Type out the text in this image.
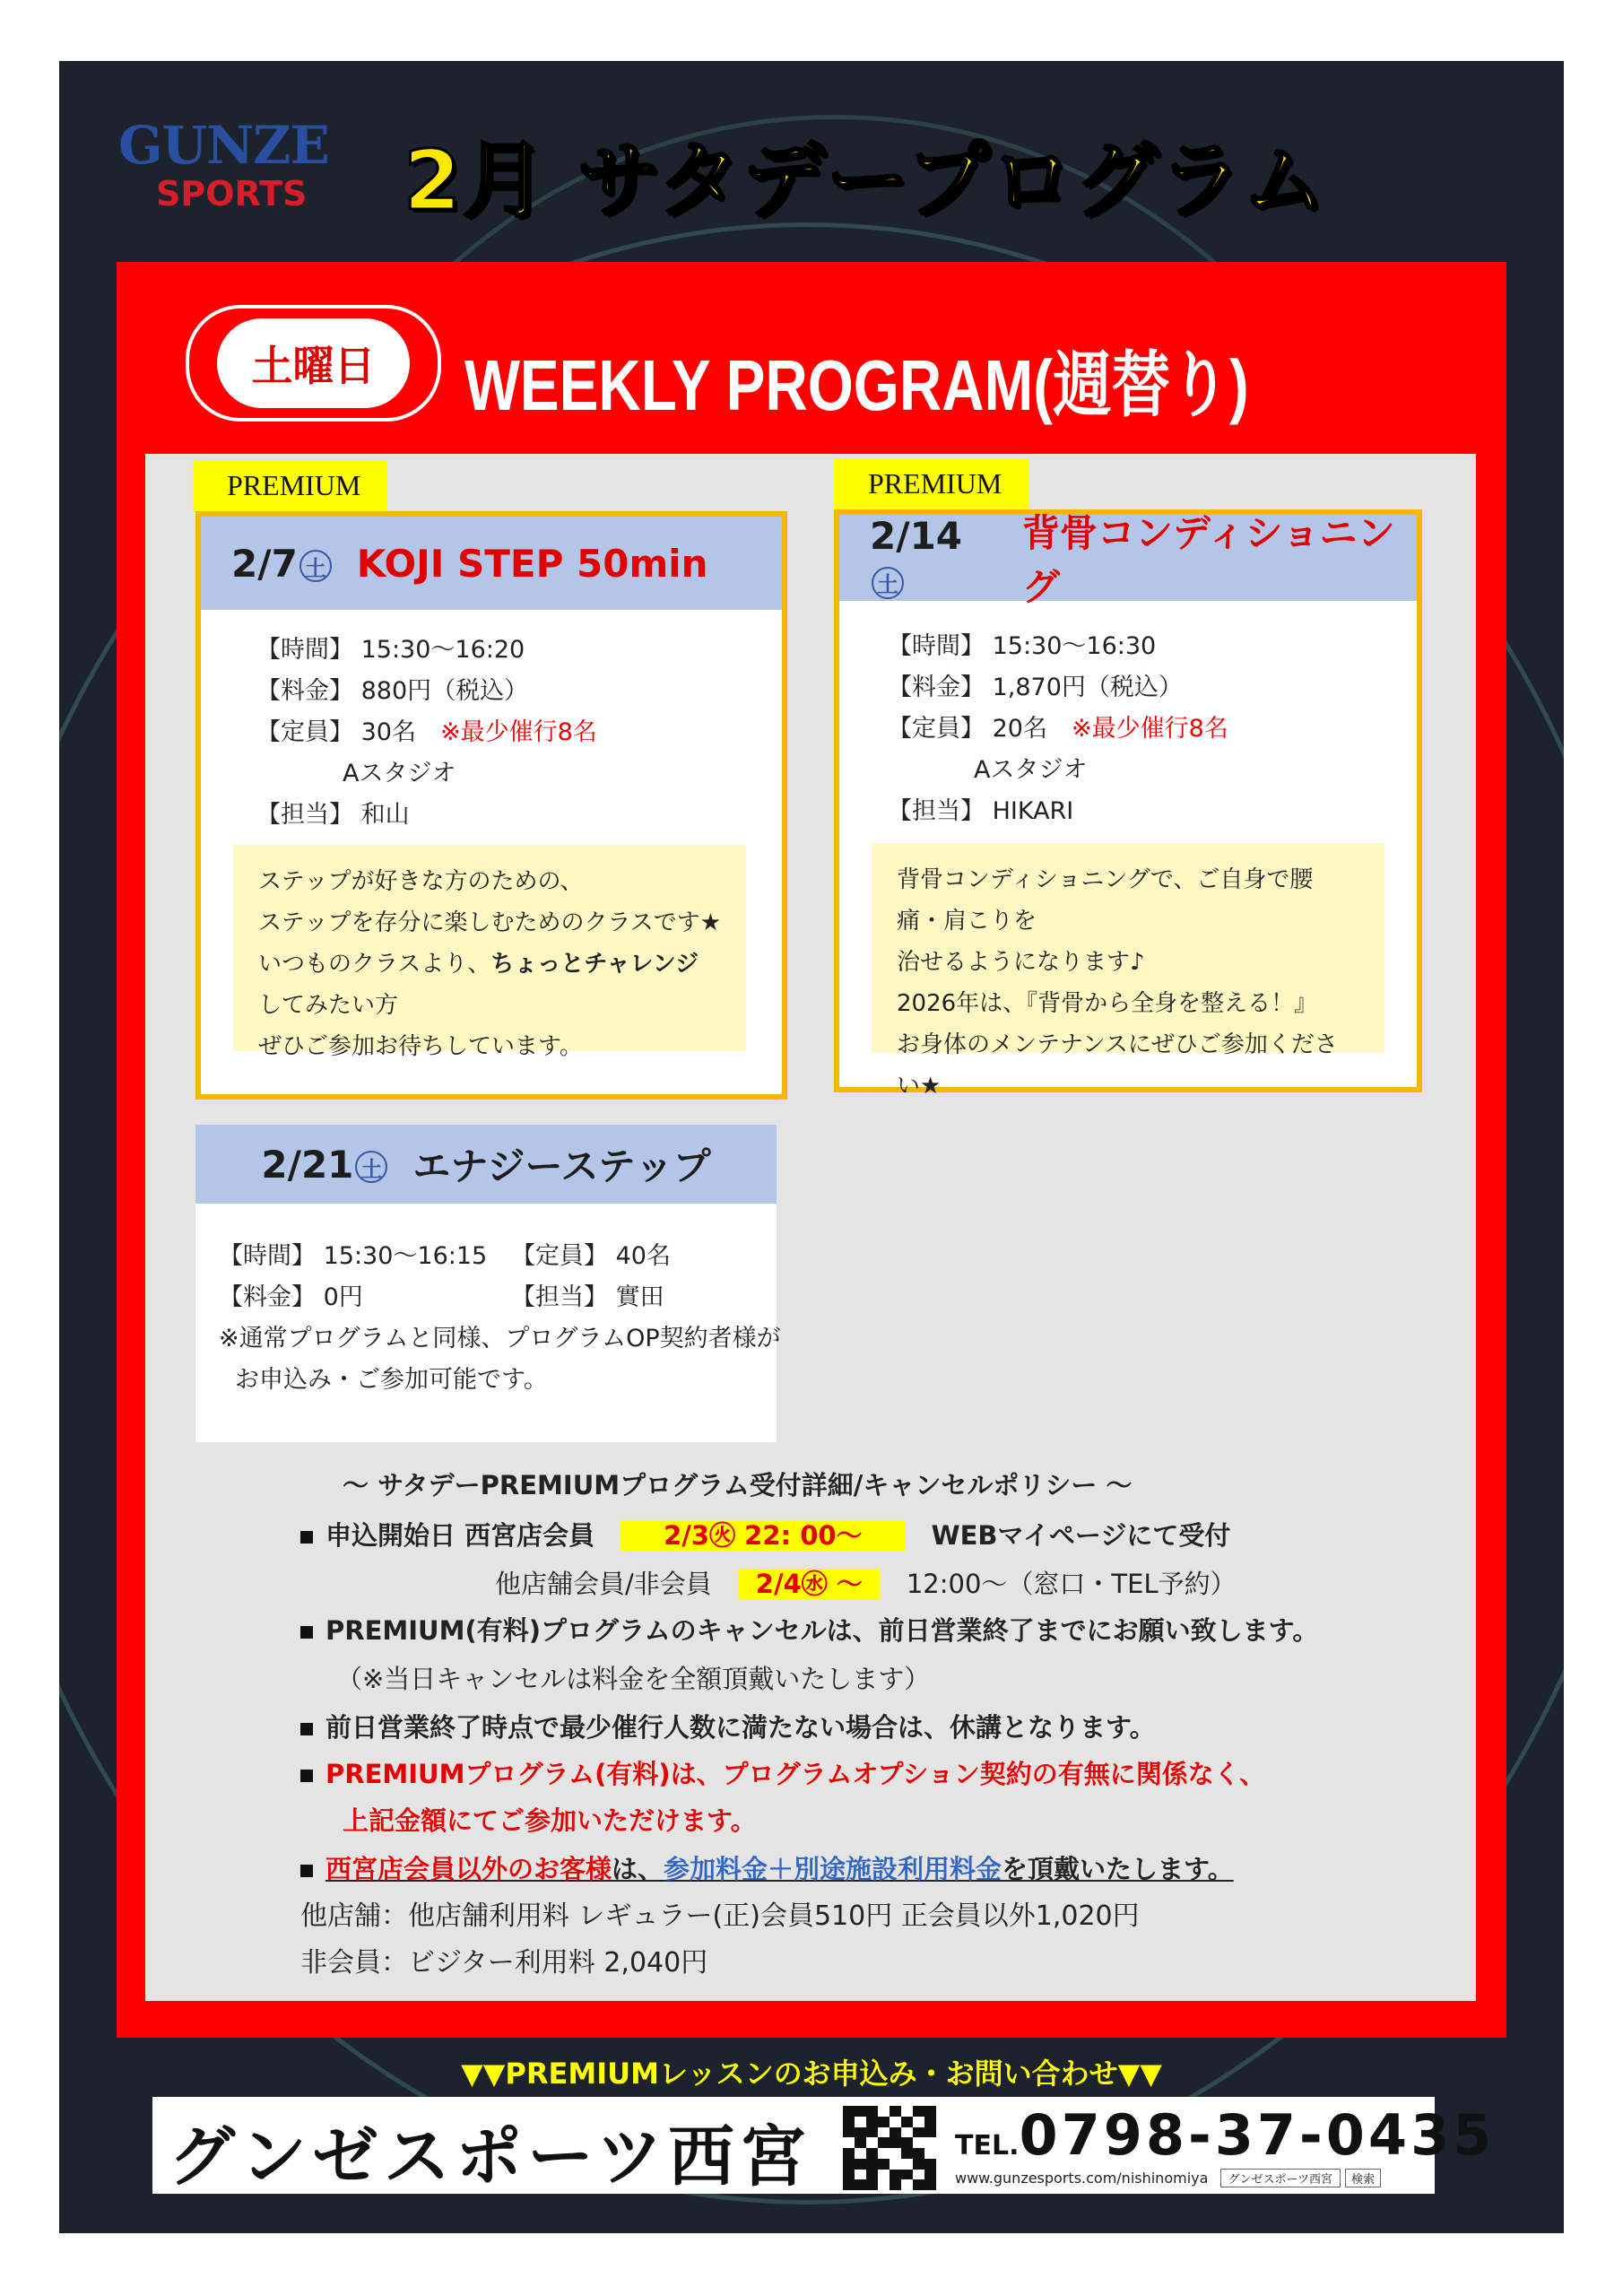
GUNZE
SPORTS 2月 サタデープログラム
土曜日	WEEKLY PROGRAM(週替り)
PREMIUM
2/7 土 KOJI STEP 50min
【時間】 15:30〜16:20
【料金】 880円（税込）
【定員】 30名　 ※最少催行8名
Aスタジオ
【担当】 和山
ステップが好きな方のための、
ステップを存分に楽しむためのクラスです★
いつものクラスより、ちょっとチャレンジしてみたい方
ぜひご参加お待ちしています。
PREMIUM
2/14土
背骨コンディショニング
【時間】 15:30〜16:30
【料金】 1,870円（税込）
【定員】 20名　 ※最少催行8名
Aスタジオ
【担当】 HIKARI
背骨コンディショニングで、ご自身で腰痛・肩こりを
治せるようになります♪
2026年は、『背骨から全身を整える！』
お身体のメンテナンスにぜひご参加ください★
2/21 土 エナジーステップ
【時間】 15:30〜16:15 【定員】 40名
【料金】 0円	【担当】 實田
※通常プログラムと同様、プログラムOP契約者様が
お申込み・ご参加可能です。
〜 サタデーPREMIUMプログラム受付詳細/キャンセルポリシー 〜
申込開始日 西宮店会員　	2/3㊋ 22: 00〜　	WEBマイページにて受付
他店舗会員/非会員　 2/4㊌ 〜　 12:00〜（窓口・TEL予約）
PREMIUM(有料)プログラムのキャンセルは、前日営業終了までにお願い致します。
（※当日キャンセルは料金を全額頂戴いたします）
前日営業終了時点で最少催行人数に満たない場合は、休講となります。
PREMIUMプログラム(有料)は、プログラムオプション契約の有無に関係なく、
上記金額にてご参加いただけます。
西宮店会員以外のお客様は、参加料金＋別途施設利用料金を頂戴いたします。
他店舗：他店舗利用料 レギュラー(正)会員510円 正会員以外1,020円
非会員：ビジター利用料 2,040円
▼▼PREMIUMレッスンのお申込み・お問い合わせ▼▼
グンゼスポーツ西宮	TEL.0798-37-0435
www.gunzesports.com/nishinomiya グンゼスポーツ西宮 検索
